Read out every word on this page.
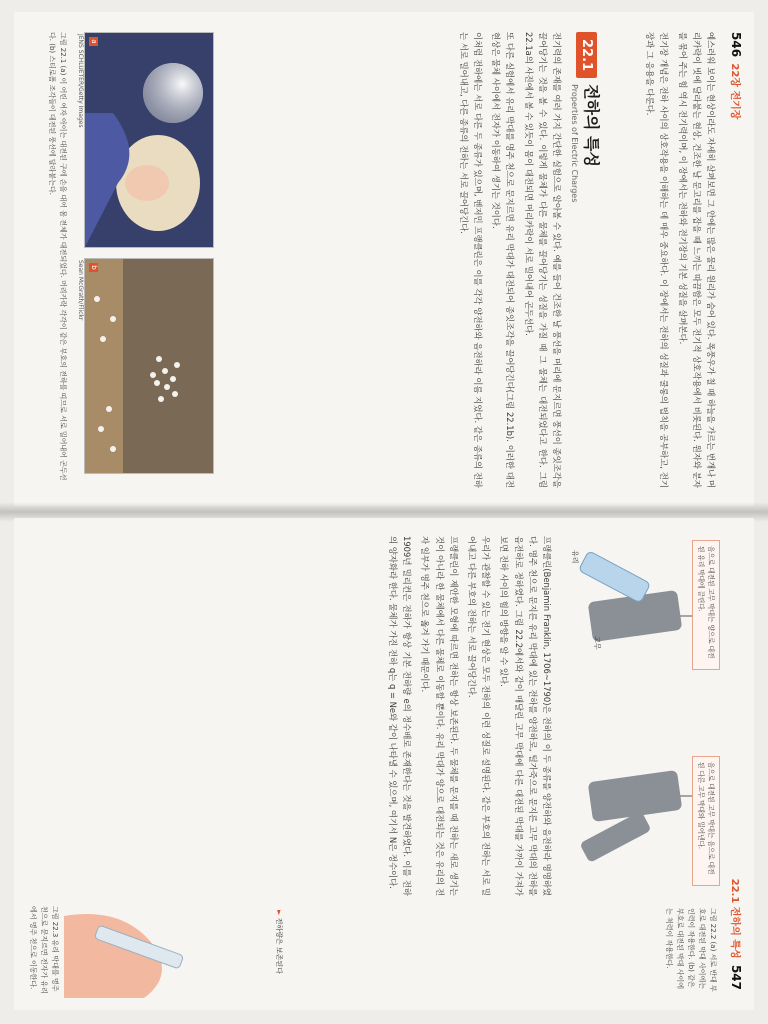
546  22장 전기장

예스러워 보이는 현상이라도 자세히 살펴보면 그 안에는 많은 물리 원리가 숨어 있다. 폭풍우가 칠 때 하늘을 가르는 번개나 머리카락이 빗에 달라붙는 현상, 건조한 날 문고리를 잡을 때 느끼는 따끔함은 모두 전기적 상호작용에서 비롯된다. 원자와 분자를 묶어 주는 힘 역시 전기력이며, 이 장에서는 전하와 전기장의 기본 성질을 살펴본다.

전기장 개념은 전하 사이의 상호작용을 이해하는 데 매우 중요하다. 이 장에서는 전하의 성질과 쿨롱의 법칙을 공부하고, 전기장과 그 응용을 다룬다.

22.1
전하의 특성
Properties of Electric Charges

전기력의 존재를 여러 가지 간단한 실험으로 알아볼 수 있다. 예를 들어 건조한 날 풍선을 머리에 문지르면 풍선이 종잇조각을 끌어당기는 것을 볼 수 있다. 이렇게 물체가 다른 물체를 끌어당기는 성질을 가질 때 그 물체는 대전되었다고 한다. 그림 22.1a의 사진에서 볼 수 있듯이 몸이 대전되면 머리카락이 서로 밀어내어 곤두선다.

또 다른 실험에서 유리 막대를 명주 천으로 문지르면 유리 막대가 대전되어 종잇조각을 끌어당긴다(그림 22.1b). 이러한 대전 현상은 물체 사이에서 전자가 이동하여 생기는 것이다.

이처럼 전하에는 서로 다른 두 종류가 있으며, 벤저민 프랭클린은 이를 각각 양전하와 음전하라 이름 지었다. 같은 종류의 전하는 서로 밀어내고, 다른 종류의 전하는 서로 끌어당긴다.

a
JENS SCHLUETER/Getty Images
b
Sean McGrath/Flickr
그림 22.1 (a) 이 어린 여자 아이는 대전된 구에 손을 대어 몸 전체가 대전되었다. 머리카락 각각이 같은 부호의 전하를 띠므로 서로 밀어내어 곤두선다. (b) 스티로폼 조각들이 대전된 풍선에 달라붙는다.
22.1 전하의 특성  547
고무
유리	음으로 대전된 고무 막대는 양으로 대전된 유리 막대에 끌린다.
음으로 대전된 고무 막대는 음으로 대전된 다른 고무 막대와 밀어낸다.
그림 22.2 (a) 서로 반대 부호로 대전된 막대 사이에는 인력이 작용한다. (b) 같은 부호로 대전된 막대 사이에는 척력이 작용한다.

프랭클린(Benjamin Franklin, 1706~1790)은 전하의 이 두 종류를 양전하와 음전하라 명명하였다. 명주 천으로 문지른 유리 막대에 있는 전하를 양전하로, 털가죽으로 문지른 고무 막대의 전하를 음전하로 정하였다. 그림 22.2에서와 같이 매달린 고무 막대에 다른 대전된 막대를 가까이 가져가 보면 전하 사이의 힘의 방향을 알 수 있다.

우리가 관찰할 수 있는 전기 현상은 모두 전하의 이런 성질로 설명된다. 같은 부호의 전하는 서로 밀어내고 다른 부호의 전하는 서로 끌어당긴다.

프랭클린이 제안한 모형에 따르면 전하는 항상 보존된다. 두 물체를 문지를 때 전하는 새로 생기는 것이 아니라 한 물체에서 다른 물체로 이동할 뿐이다. 유리 막대가 양으로 대전되는 것은 유리의 전자 일부가 명주 천으로 옮겨 가기 때문이다.

1909년 밀리컨은 전하가 항상 기본 전하량 e의 정수배로 존재한다는 것을 발견하였다. 이를 전하의 양자화라 한다. 물체가 가진 전하 q는 q = Ne와 같이 나타낼 수 있으며, 여기서 N은 정수이다.

그림 22.3 유리 막대를 명주 천으로 문지르면 전자가 유리에서 명주 천으로 이동한다.	► 전하량은 보존된다
